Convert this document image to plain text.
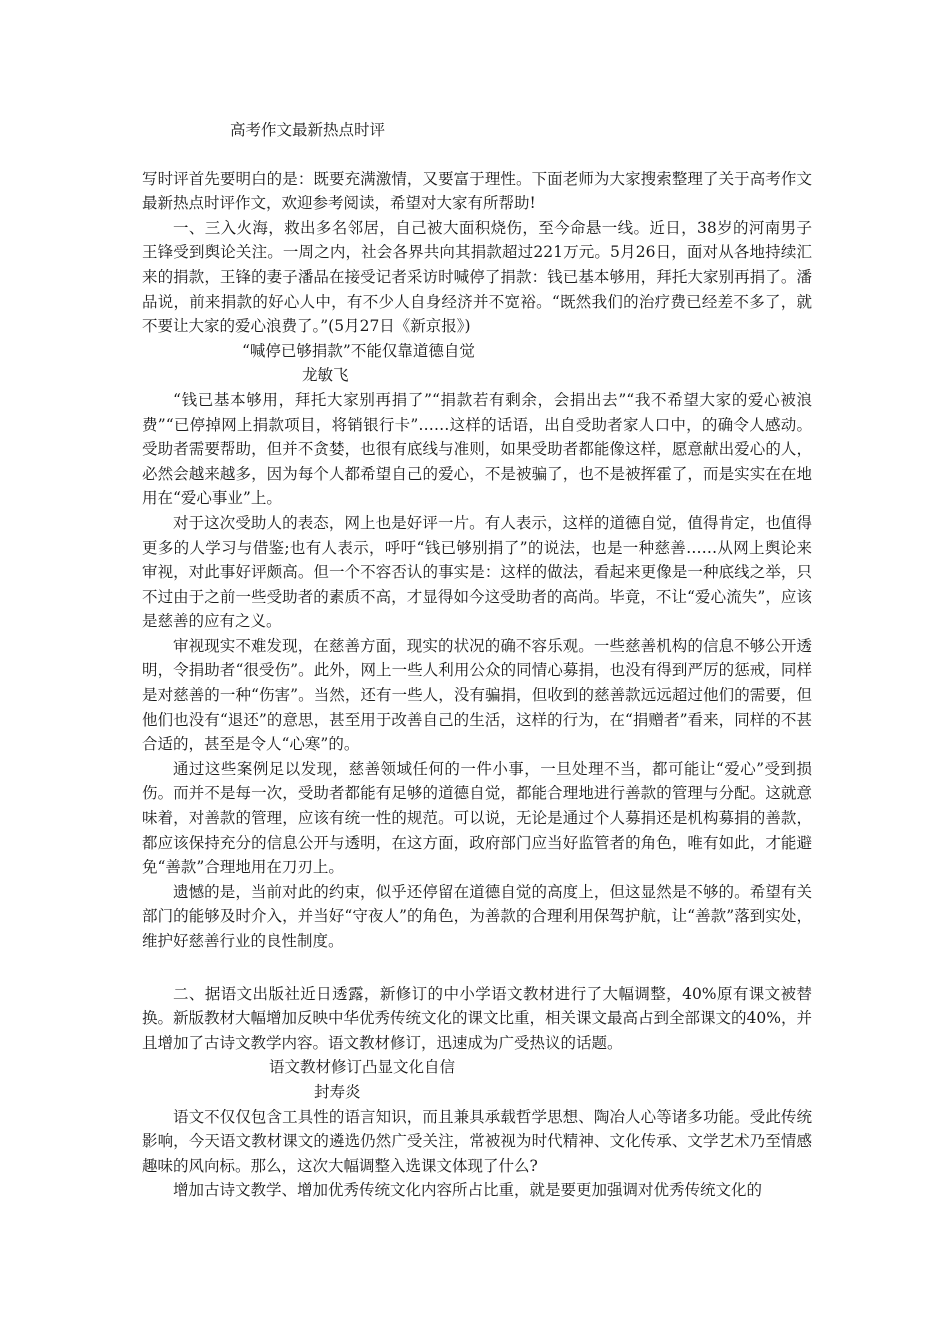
高考作文最新热点时评

写时评首先要明白的是：既要充满激情，又要富于理性。下面老师为大家搜索整理了关于高考作文最新热点时评作文，欢迎参考阅读，希望对大家有所帮助!

一、三入火海，救出多名邻居，自己被大面积烧伤，至今命悬一线。近日，38岁的河南男子王锋受到舆论关注。一周之内，社会各界共向其捐款超过221万元。5月26日，面对从各地持续汇来的捐款，王锋的妻子潘品在接受记者采访时喊停了捐款：钱已基本够用，拜托大家别再捐了。潘品说，前来捐款的好心人中，有不少人自身经济并不宽裕。“既然我们的治疗费已经差不多了，就不要让大家的爱心浪费了。”(5月27日《新京报》)

“喊停已够捐款”不能仅靠道德自觉

龙敏飞

“钱已基本够用，拜托大家别再捐了”“捐款若有剩余，会捐出去”“我不希望大家的爱心被浪费”“已停掉网上捐款项目，将销银行卡”……这样的话语，出自受助者家人口中，的确令人感动。受助者需要帮助，但并不贪婪，也很有底线与准则，如果受助者都能像这样，愿意献出爱心的人，必然会越来越多，因为每个人都希望自己的爱心，不是被骗了，也不是被挥霍了，而是实实在在地用在“爱心事业”上。

对于这次受助人的表态，网上也是好评一片。有人表示，这样的道德自觉，值得肯定，也值得更多的人学习与借鉴;也有人表示，呼吁“钱已够别捐了”的说法，也是一种慈善……从网上舆论来审视，对此事好评颇高。但一个不容否认的事实是：这样的做法，看起来更像是一种底线之举，只不过由于之前一些受助者的素质不高，才显得如今这受助者的高尚。毕竟，不让“爱心流失”，应该是慈善的应有之义。

审视现实不难发现，在慈善方面，现实的状况的确不容乐观。一些慈善机构的信息不够公开透明，令捐助者“很受伤”。此外，网上一些人利用公众的同情心募捐，也没有得到严厉的惩戒，同样是对慈善的一种“伤害”。当然，还有一些人，没有骗捐，但收到的慈善款远远超过他们的需要，但他们也没有“退还”的意思，甚至用于改善自己的生活，这样的行为，在“捐赠者”看来，同样的不甚合适的，甚至是令人“心寒”的。

通过这些案例足以发现，慈善领域任何的一件小事，一旦处理不当，都可能让“爱心”受到损伤。而并不是每一次，受助者都能有足够的道德自觉，都能合理地进行善款的管理与分配。这就意味着，对善款的管理，应该有统一性的规范。可以说，无论是通过个人募捐还是机构募捐的善款，都应该保持充分的信息公开与透明，在这方面，政府部门应当好监管者的角色，唯有如此，才能避免“善款”合理地用在刀刃上。

遗憾的是，当前对此的约束，似乎还停留在道德自觉的高度上，但这显然是不够的。希望有关部门的能够及时介入，并当好“守夜人”的角色，为善款的合理利用保驾护航，让“善款”落到实处，维护好慈善行业的良性制度。

二、据语文出版社近日透露，新修订的中小学语文教材进行了大幅调整，40%原有课文被替换。新版教材大幅增加反映中华优秀传统文化的课文比重，相关课文最高占到全部课文的40%，并且增加了古诗文教学内容。语文教材修订，迅速成为广受热议的话题。

语文教材修订凸显文化自信

封寿炎

语文不仅仅包含工具性的语言知识，而且兼具承载哲学思想、陶冶人心等诸多功能。受此传统影响，今天语文教材课文的遴选仍然广受关注，常被视为时代精神、文化传承、文学艺术乃至情感趣味的风向标。那么，这次大幅调整入选课文体现了什么?

增加古诗文教学、增加优秀传统文化内容所占比重，就是要更加强调对优秀传统文化的
